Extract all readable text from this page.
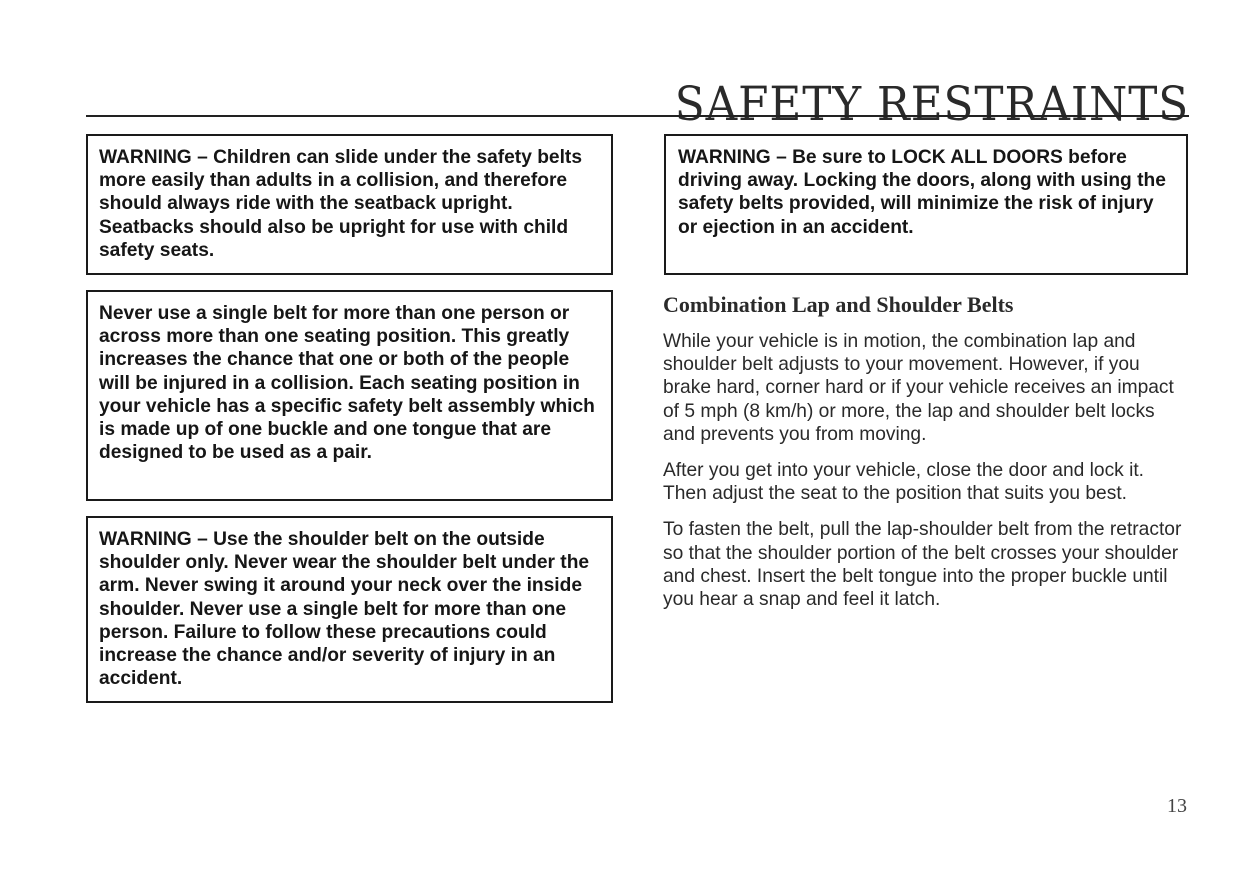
SAFETY RESTRAINTS

WARNING – Children can slide under the safety belts more easily than adults in a collision, and therefore should always ride with the seatback upright. Seatbacks should also be upright for use with child safety seats.

Never use a single belt for more than one person or across more than one seating position. This greatly increases the chance that one or both of the people will be injured in a collision. Each seating position in your vehicle has a specific safety belt assembly which is made up of one buckle and one tongue that are designed to be used as a pair.

WARNING – Use the shoulder belt on the outside shoulder only. Never wear the shoulder belt under the arm. Never swing it around your neck over the inside shoulder. Never use a single belt for more than one person. Failure to follow these precautions could increase the chance and/or severity of injury in an accident.

WARNING – Be sure to LOCK ALL DOORS before driving away. Locking the doors, along with using the safety belts provided, will minimize the risk of injury or ejection in an accident.

Combination Lap and Shoulder Belts

While your vehicle is in motion, the combination lap and shoulder belt adjusts to your movement. However, if you brake hard, corner hard or if your vehicle receives an impact of 5 mph (8 km/h) or more, the lap and shoulder belt locks and prevents you from moving.

After you get into your vehicle, close the door and lock it. Then adjust the seat to the position that suits you best.

To fasten the belt, pull the lap-shoulder belt from the retractor so that the shoulder portion of the belt crosses your shoulder and chest. Insert the belt tongue into the proper buckle until you hear a snap and feel it latch.

13
